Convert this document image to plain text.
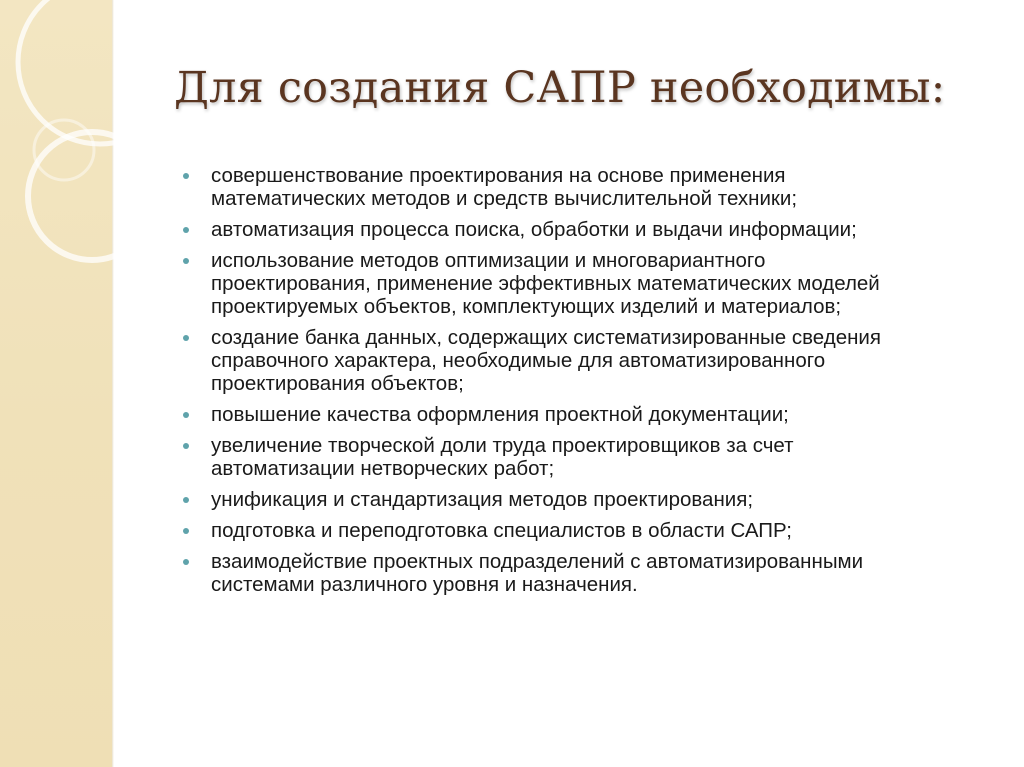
Для создания САПР необходимы:
совершенствование проектирования на основе применения
математических методов и средств вычислительной техники;
автоматизация процесса поиска, обработки и выдачи информации;
использование методов оптимизации и многовариантного
проектирования, применение эффективных математических моделей
проектируемых объектов, комплектующих изделий и материалов;
создание банка данных, содержащих систематизированные сведения
справочного характера, необходимые для автоматизированного
проектирования объектов;
повышение качества оформления проектной документации;
увеличение творческой доли труда проектировщиков за счет
автоматизации нетворческих работ;
унификация и стандартизация методов проектирования;
подготовка и переподготовка специалистов в области САПР;
взаимодействие проектных подразделений с автоматизированными
системами различного уровня и назначения.
